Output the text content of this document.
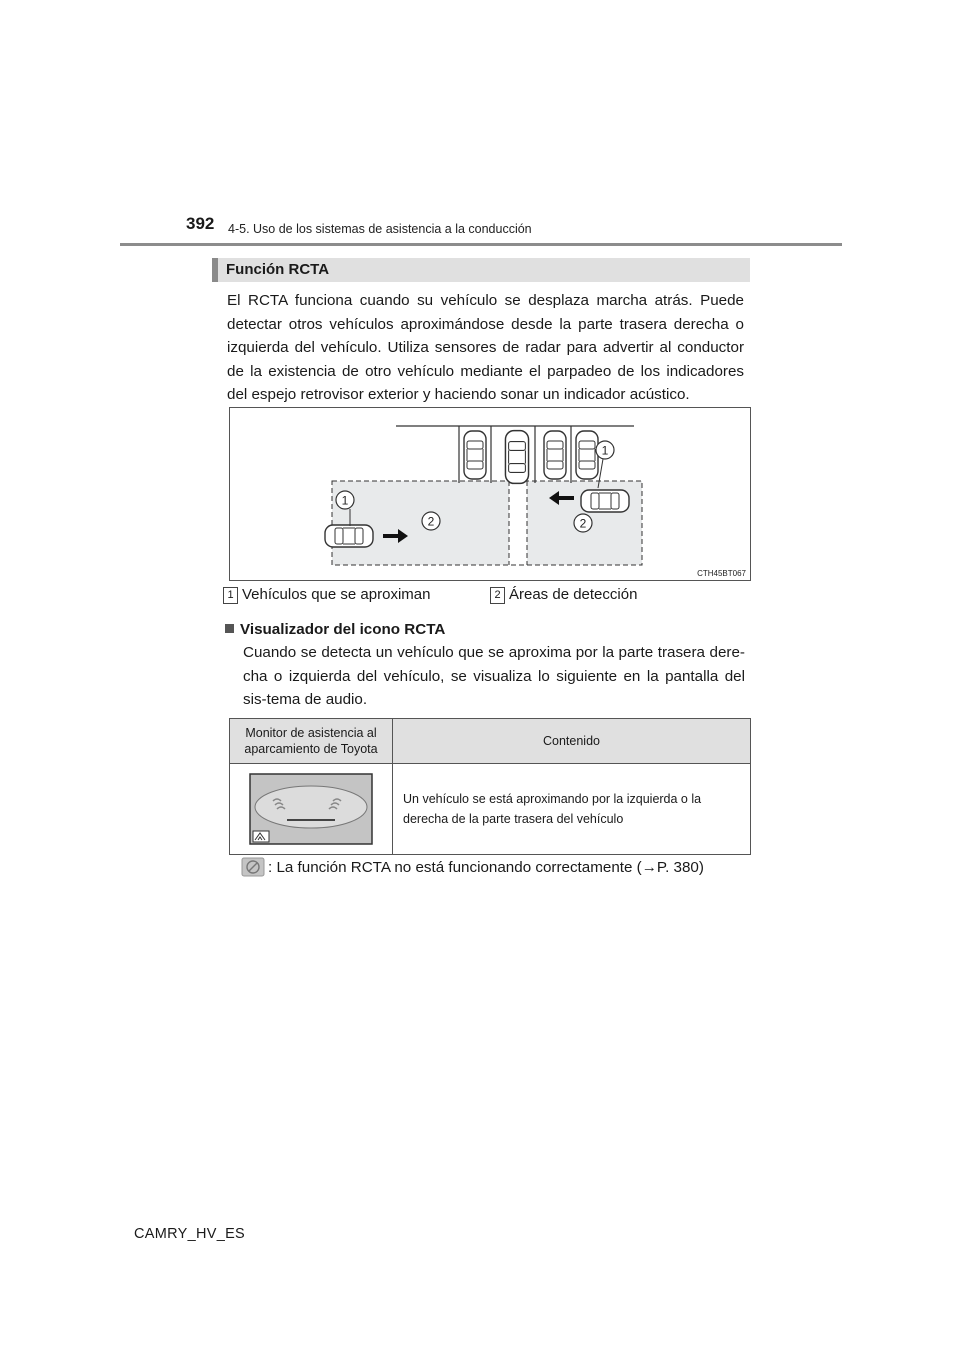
392 4-5. Uso de los sistemas de asistencia a la conducción
Función RCTA
El RCTA funciona cuando su vehículo se desplaza marcha atrás. Puede detectar otros vehículos aproximándose desde la parte trasera derecha o izquierda del vehículo. Utiliza sensores de radar para advertir al conductor de la existencia de otro vehículo mediante el parpadeo de los indicadores del espejo retrovisor exterior y haciendo sonar un indicador acústico.
1
1
2	2
CTH45BT067
1 Vehículos que se aproximan	2 Áreas de detección
Visualizador del icono RCTA
Cuando se detecta un vehículo que se aproxima por la parte trasera dere-cha o izquierda del vehículo, se visualiza lo siguiente en la pantalla del sis-tema de audio.
Monitor de asistencia al aparcamiento de Toyota	Contenido

	Un vehículo se está aproximando por la izquierda o la derecha de la parte trasera del vehículo
: La función RCTA no está funcionando correctamente (→P. 380)
CAMRY_HV_ES
